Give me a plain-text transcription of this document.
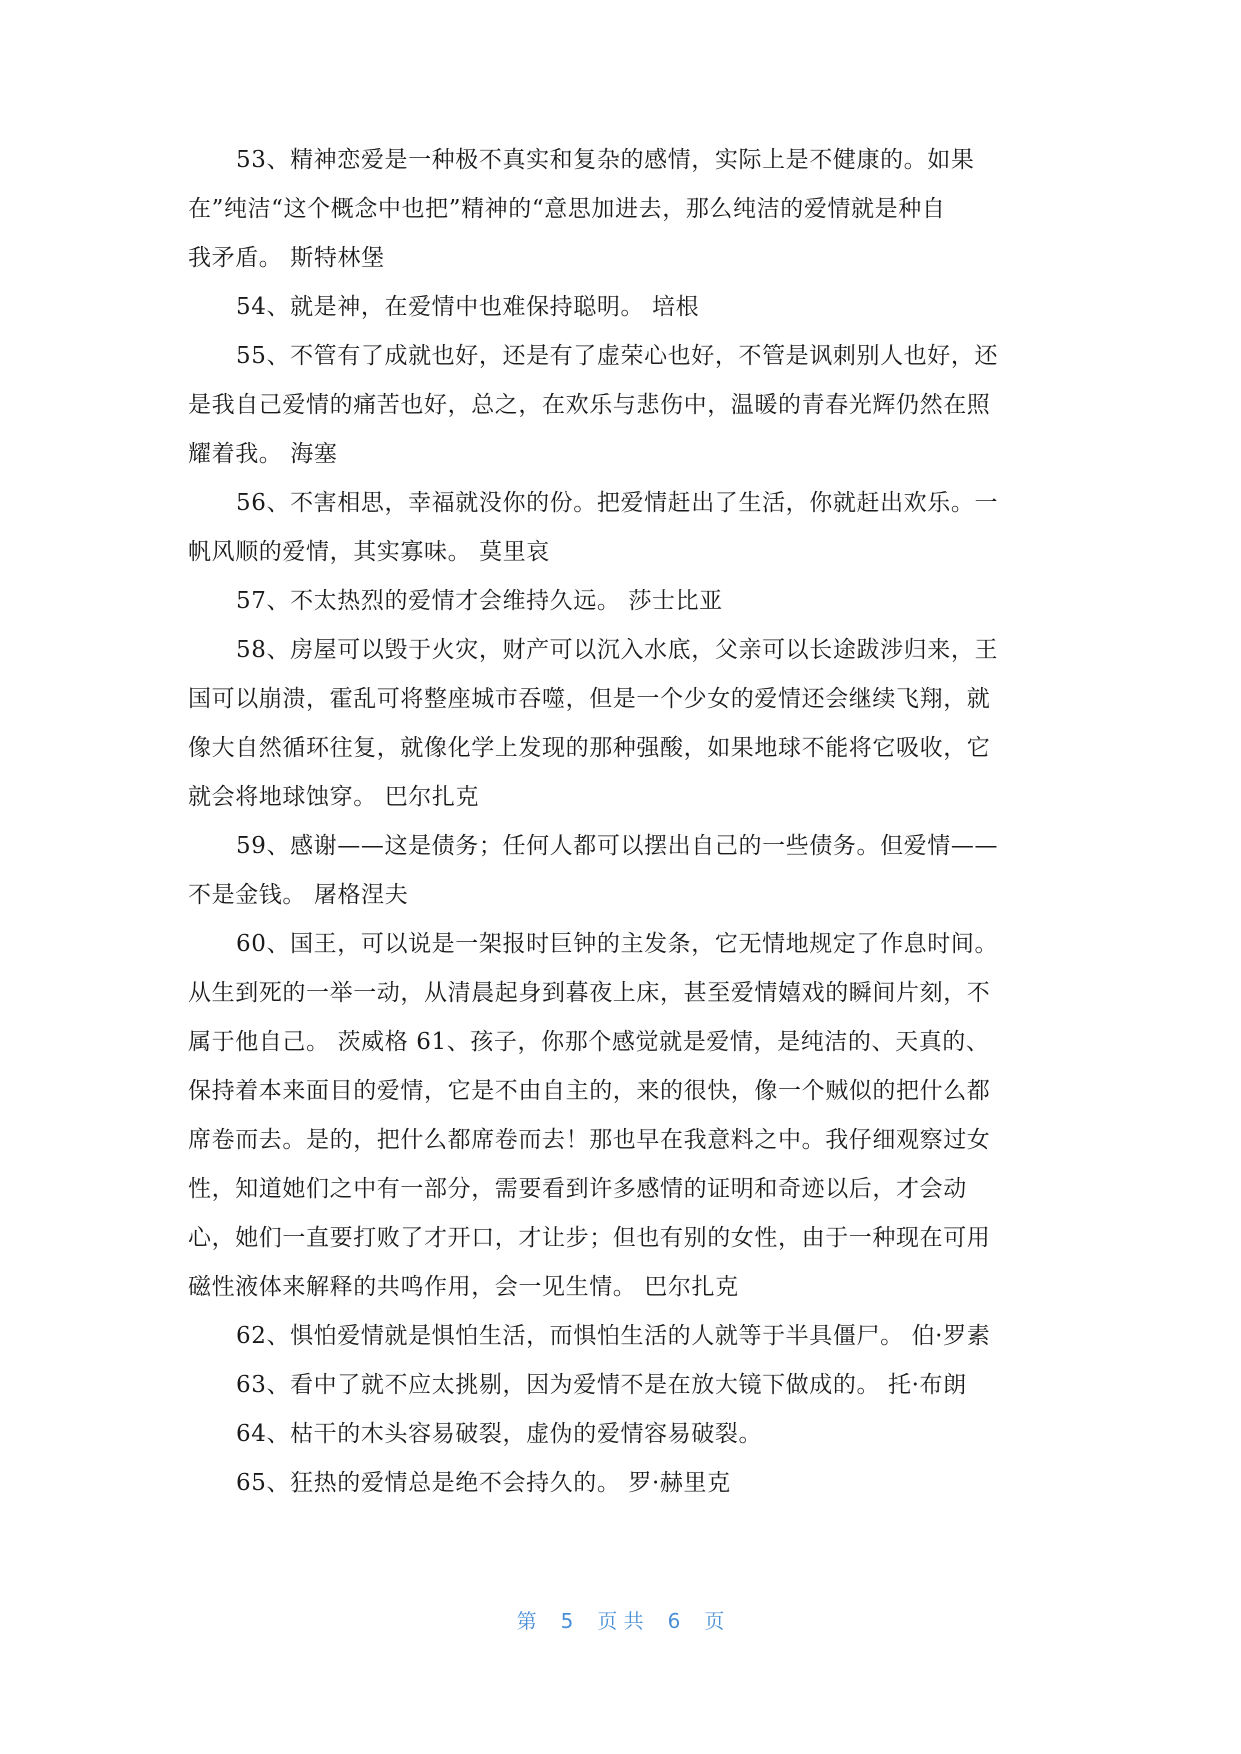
53、精神恋爱是一种极不真实和复杂的感情，实际上是不健康的。如果
在”纯洁“这个概念中也把”精神的“意思加进去，那么纯洁的爱情就是种自
我矛盾。 斯特林堡
54、就是神，在爱情中也难保持聪明。 培根
55、不管有了成就也好，还是有了虚荣心也好，不管是讽刺别人也好，还
是我自己爱情的痛苦也好，总之，在欢乐与悲伤中，温暖的青春光辉仍然在照
耀着我。 海塞
56、不害相思，幸福就没你的份。把爱情赶出了生活，你就赶出欢乐。一
帆风顺的爱情，其实寡味。 莫里哀
57、不太热烈的爱情才会维持久远。 莎士比亚
58、房屋可以毁于火灾，财产可以沉入水底，父亲可以长途跋涉归来，王
国可以崩溃，霍乱可将整座城市吞噬，但是一个少女的爱情还会继续飞翔，就
像大自然循环往复，就像化学上发现的那种强酸，如果地球不能将它吸收，它
就会将地球蚀穿。 巴尔扎克
59、感谢——这是债务；任何人都可以摆出自己的一些债务。但爱情——
不是金钱。 屠格涅夫
60、国王，可以说是一架报时巨钟的主发条，它无情地规定了作息时间。
从生到死的一举一动，从清晨起身到暮夜上床，甚至爱情嬉戏的瞬间片刻，不
属于他自己。 茨威格 61、孩子，你那个感觉就是爱情，是纯洁的、天真的、
保持着本来面目的爱情，它是不由自主的，来的很快，像一个贼似的把什么都
席卷而去。是的，把什么都席卷而去！那也早在我意料之中。我仔细观察过女
性，知道她们之中有一部分，需要看到许多感情的证明和奇迹以后，才会动
心，她们一直要打败了才开口，才让步；但也有别的女性，由于一种现在可用
磁性液体来解释的共鸣作用，会一见生情。 巴尔扎克
62、惧怕爱情就是惧怕生活，而惧怕生活的人就等于半具僵尸。 伯·罗素
63、看中了就不应太挑剔，因为爱情不是在放大镜下做成的。 托·布朗
64、枯干的木头容易破裂，虚伪的爱情容易破裂。
65、狂热的爱情总是绝不会持久的。 罗·赫里克
第 5 页 共 6 页
